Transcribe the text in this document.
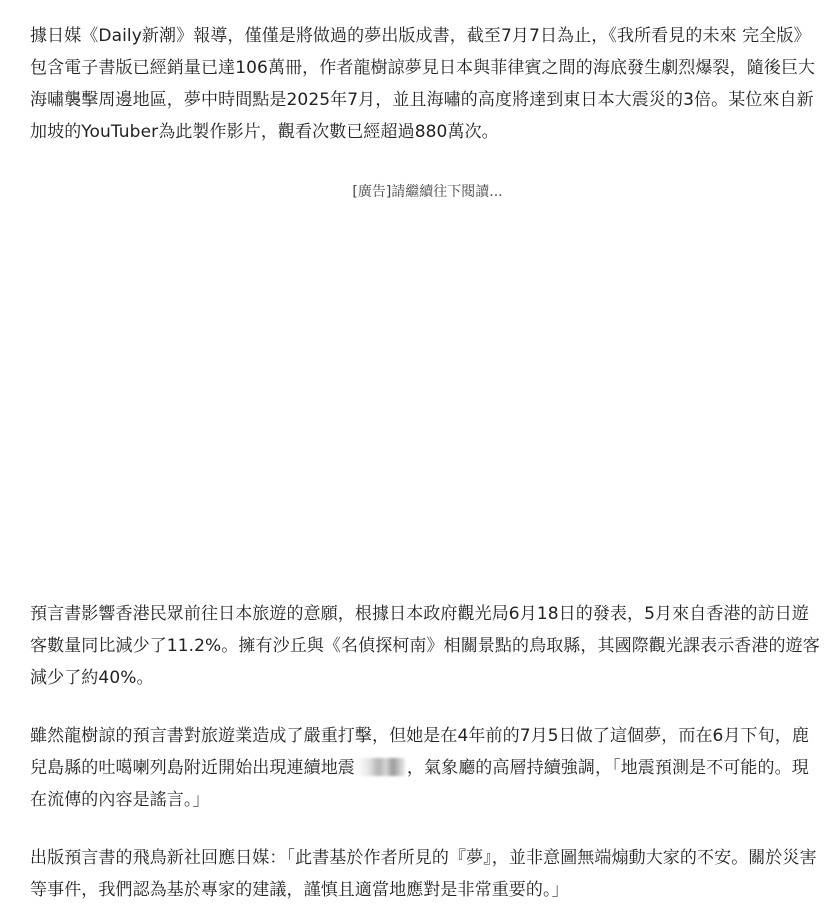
據日媒《Daily新潮》報導，僅僅是將做過的夢出版成書，截至7月7日為止，《我所看見的未來 完全版》包含電子書版已經銷量已達106萬冊，作者龍樹諒夢見日本與菲律賓之間的海底發生劇烈爆裂，隨後巨大海嘯襲擊周邊地區，夢中時間點是2025年7月，並且海嘯的高度將達到東日本大震災的3倍。某位來自新加坡的YouTuber為此製作影片，觀看次數已經超過880萬次。

[廣告]請繼續往下閱讀...

預言書影響香港民眾前往日本旅遊的意願，根據日本政府觀光局6月18日的發表，5月來自香港的訪日遊客數量同比減少了11.2%。擁有沙丘與《名偵探柯南》相關景點的鳥取縣，其國際觀光課表示香港的遊客減少了約40%。

雖然龍樹諒的預言書對旅遊業造成了嚴重打擊，但她是在4年前的7月5日做了這個夢，而在6月下旬，鹿兒島縣的吐噶喇列島附近開始出現連續地震	，氣象廳的高層持續強調，「地震預測是不可能的。現在流傳的內容是謠言。」

出版預言書的飛鳥新社回應日媒：「此書基於作者所見的『夢』，並非意圖無端煽動大家的不安。關於災害等事件，我們認為基於專家的建議，謹慎且適當地應對是非常重要的。」
